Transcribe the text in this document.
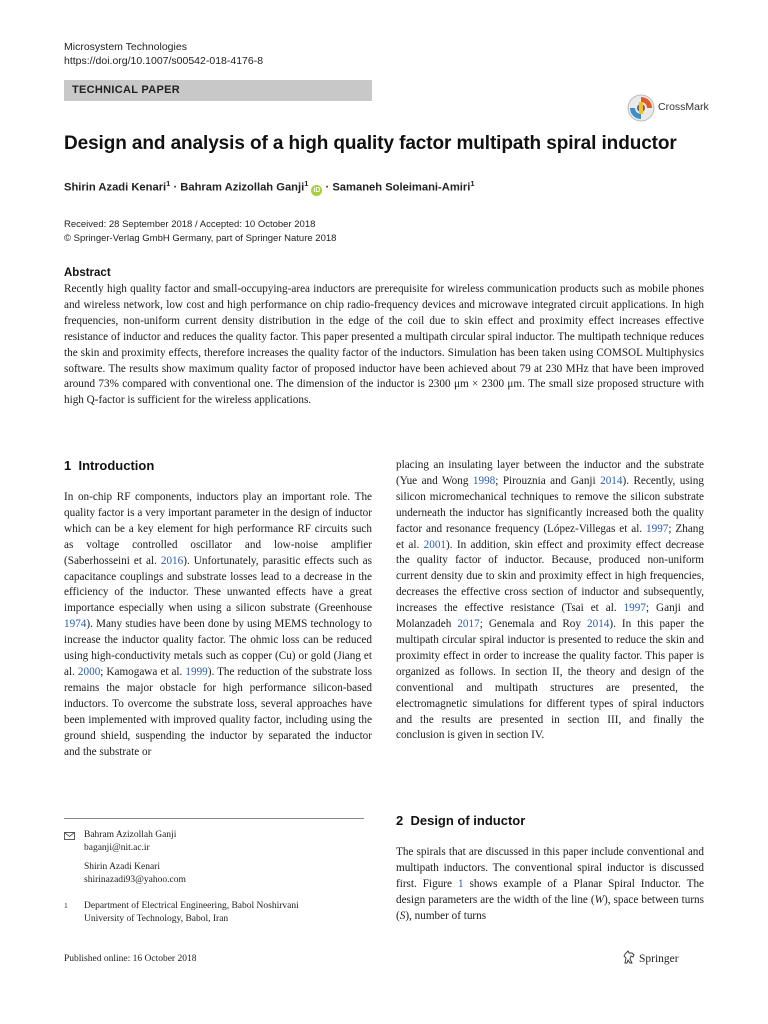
Microsystem Technologies
https://doi.org/10.1007/s00542-018-4176-8
TECHNICAL PAPER
CrossMark
Design and analysis of a high quality factor multipath spiral inductor
Shirin Azadi Kenari$^1$ · Bahram Azizollah Ganji$^1$iD · Samaneh Soleimani-Amiri$^1$
Received: 28 September 2018 / Accepted: 10 October 2018
© Springer-Verlag GmbH Germany, part of Springer Nature 2018
Abstract
Recently high quality factor and small-occupying-area inductors are prerequisite for wireless communication products such as mobile phones and wireless network, low cost and high performance on chip radio-frequency devices and microwave integrated circuit applications. In high frequencies, non-uniform current density distribution in the edge of the coil due to skin effect and proximity effect increases effective resistance of inductor and reduces the quality factor. This paper presented a multipath circular spiral inductor. The multipath technique reduces the skin and proximity effects, therefore increases the quality factor of the inductors. Simulation has been taken using COMSOL Multiphysics software. The results show maximum quality factor of proposed inductor have been achieved about 79 at 230 MHz that have been improved around 73% compared with conventional one. The dimension of the inductor is 2300 μm × 2300 μm. The small size proposed structure with high Q-factor is sufficient for the wireless applications.
1 Introduction

In on-chip RF components, inductors play an important role. The quality factor is a very important parameter in the design of inductor which can be a key element for high performance RF circuits such as voltage controlled oscillator and low-noise amplifier (Saberhosseini et al. 2016). Unfortunately, parasitic effects such as capacitance couplings and substrate losses lead to a decrease in the efficiency of the inductor. These unwanted effects have a great importance especially when using a silicon substrate (Greenhouse 1974). Many studies have been done by using MEMS technology to increase the inductor quality factor. The ohmic loss can be reduced using high-conductivity metals such as copper (Cu) or gold (Jiang et al. 2000; Kamogawa et al. 1999). The reduction of the substrate loss remains the major obstacle for high performance silicon-based inductors. To overcome the substrate loss, several approaches have been implemented with improved quality factor, including using the ground shield, suspending the inductor by separated the inductor and the substrate or

placing an insulating layer between the inductor and the substrate (Yue and Wong 1998; Pirouznia and Ganji 2014). Recently, using silicon micromechanical techniques to remove the silicon substrate underneath the inductor has significantly increased both the quality factor and resonance frequency (López-Villegas et al. 1997; Zhang et al. 2001). In addition, skin effect and proximity effect decrease the quality factor of inductor. Because, produced non-uniform current density due to skin and proximity effect in high frequencies, decreases the effective cross section of inductor and subsequently, increases the effective resistance (Tsai et al. 1997; Ganji and Molanzadeh 2017; Genemala and Roy 2014). In this paper the multipath circular spiral inductor is presented to reduce the skin and proximity effect in order to increase the quality factor. This paper is organized as follows. In section II, the theory and design of the conventional and multipath structures are presented, the electromagnetic simulations for different types of spiral inductors and the results are presented in section III, and finally the conclusion is given in section IV.

2 Design of inductor

The spirals that are discussed in this paper include conventional and multipath inductors. The conventional spiral inductor is discussed first. Figure 1 shows example of a Planar Spiral Inductor. The design parameters are the width of the line (W), space between turns (S), number of turns

Bahram Azizollah Ganji
baganji@nit.ac.ir
Shirin Azadi Kenari
shirinazadi93@yahoo.com
1 Department of Electrical Engineering, Babol Noshirvani
University of Technology, Babol, Iran
Published online: 16 October 2018	Springer
